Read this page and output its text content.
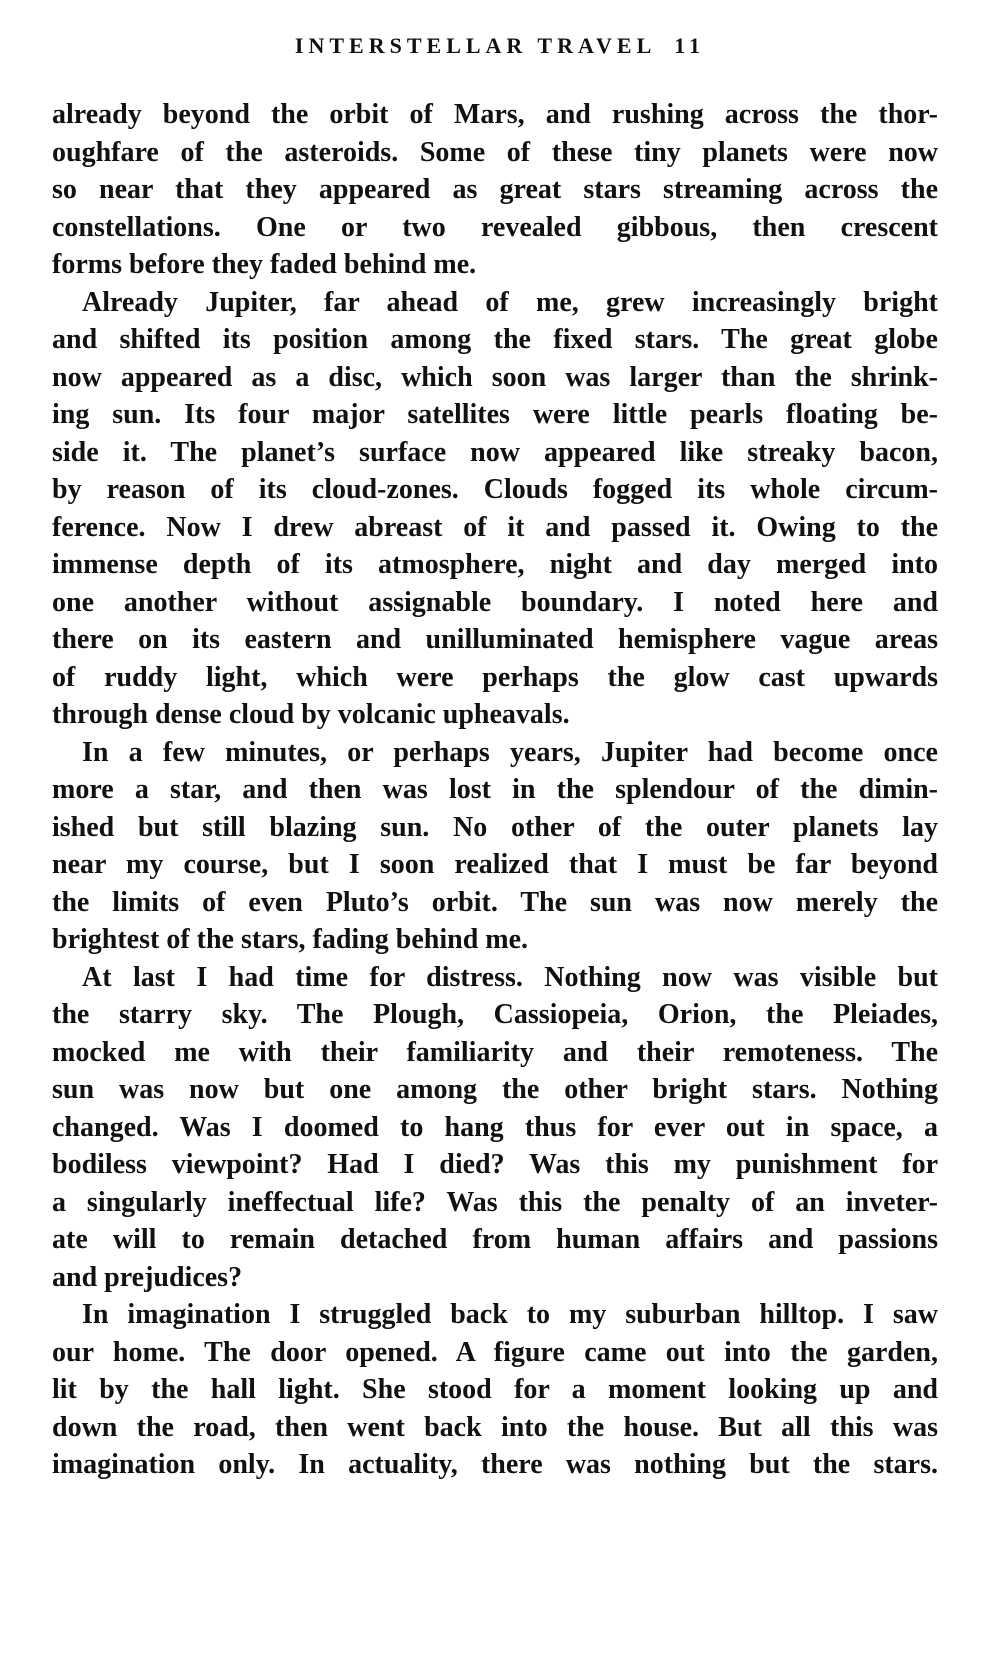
INTERSTELLAR TRAVEL 11
already beyond the orbit of Mars, and rushing across the thor-
oughfare of the asteroids. Some of these tiny planets were now
so near that they appeared as great stars streaming across the
constellations. One or two revealed gibbous, then crescent
forms before they faded behind me.
Already Jupiter, far ahead of me, grew increasingly bright
and shifted its position among the fixed stars. The great globe
now appeared as a disc, which soon was larger than the shrink-
ing sun. Its four major satellites were little pearls floating be-
side it. The planet’s surface now appeared like streaky bacon,
by reason of its cloud-zones. Clouds fogged its whole circum-
ference. Now I drew abreast of it and passed it. Owing to the
immense depth of its atmosphere, night and day merged into
one another without assignable boundary. I noted here and
there on its eastern and unilluminated hemisphere vague areas
of ruddy light, which were perhaps the glow cast upwards
through dense cloud by volcanic upheavals.
In a few minutes, or perhaps years, Jupiter had become once
more a star, and then was lost in the splendour of the dimin-
ished but still blazing sun. No other of the outer planets lay
near my course, but I soon realized that I must be far beyond
the limits of even Pluto’s orbit. The sun was now merely the
brightest of the stars, fading behind me.
At last I had time for distress. Nothing now was visible but
the starry sky. The Plough, Cassiopeia, Orion, the Pleiades,
mocked me with their familiarity and their remoteness. The
sun was now but one among the other bright stars. Nothing
changed. Was I doomed to hang thus for ever out in space, a
bodiless viewpoint? Had I died? Was this my punishment for
a singularly ineffectual life? Was this the penalty of an inveter-
ate will to remain detached from human affairs and passions
and prejudices?
In imagination I struggled back to my suburban hilltop. I saw
our home. The door opened. A figure came out into the garden,
lit by the hall light. She stood for a moment looking up and
down the road, then went back into the house. But all this was
imagination only. In actuality, there was nothing but the stars.
